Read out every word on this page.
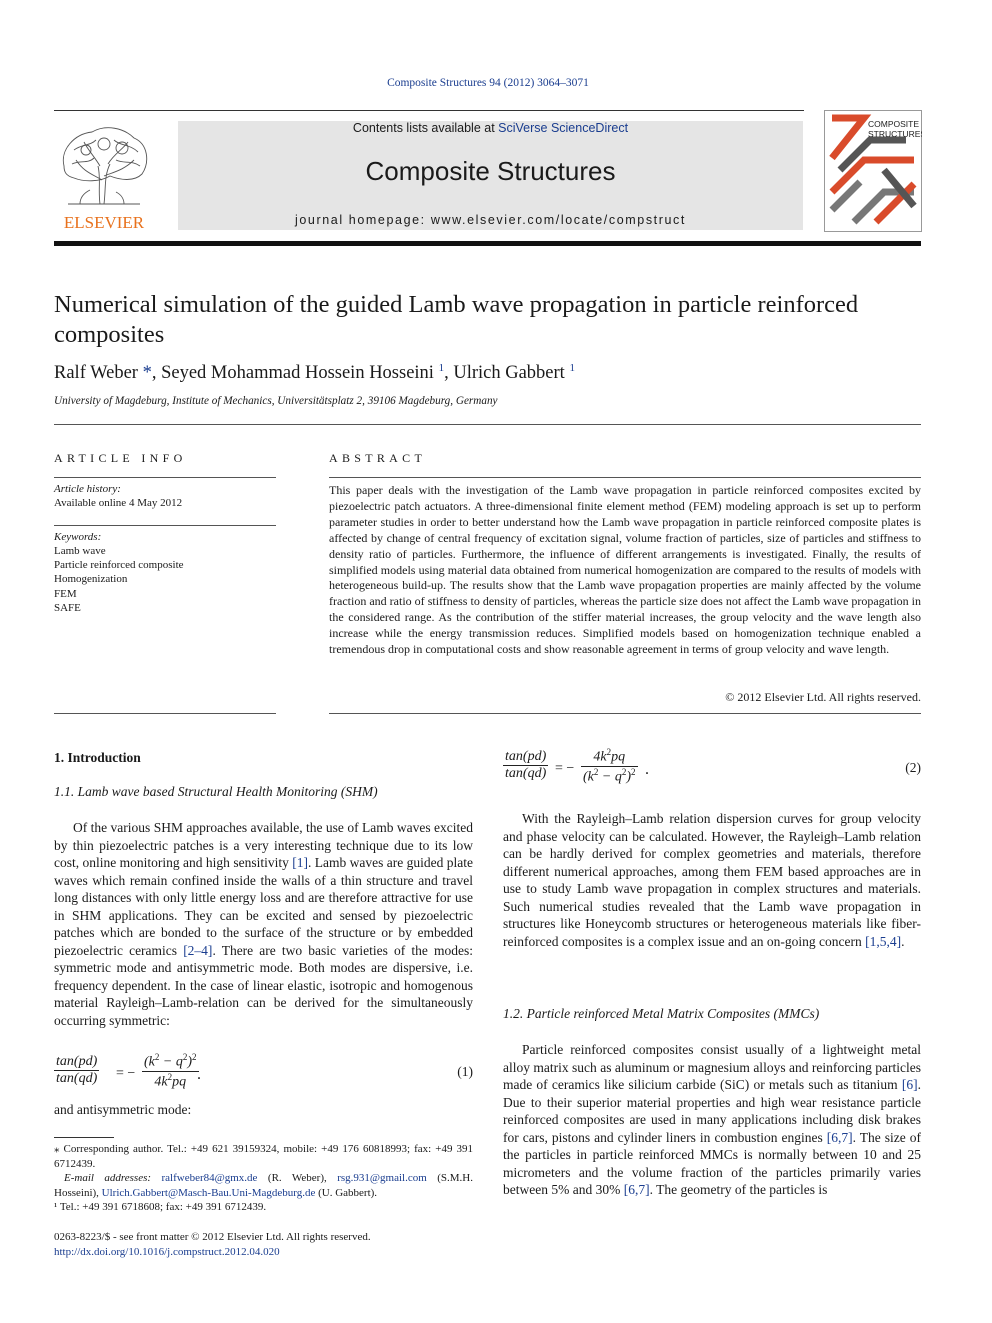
Composite Structures 94 (2012) 3064–3071
ELSEVIER
Contents lists available at SciVerse ScienceDirect
Composite Structures
journal homepage: www.elsevier.com/locate/compstruct
COMPOSITE
STRUCTURES
Numerical simulation of the guided Lamb wave propagation in particle reinforced composites
Ralf Weber *, Seyed Mohammad Hossein Hosseini $^1$, Ulrich Gabbert $^1$
University of Magdeburg, Institute of Mechanics, Universitätsplatz 2, 39106 Magdeburg, Germany
ARTICLE INFO
Article history:
Available online 4 May 2012
Keywords:
Lamb wave
Particle reinforced composite
Homogenization
FEM
SAFE
ABSTRACT
This paper deals with the investigation of the Lamb wave propagation in particle reinforced composites excited by piezoelectric patch actuators. A three-dimensional finite element method (FEM) modeling approach is set up to perform parameter studies in order to better understand how the Lamb wave propagation in particle reinforced composite plates is affected by change of central frequency of excitation signal, volume fraction of particles, size of particles and stiffness to density ratio of particles. Furthermore, the influence of different arrangements is investigated. Finally, the results of simplified models using material data obtained from numerical homogenization are compared to the results of models with heterogeneous build-up. The results show that the Lamb wave propagation properties are mainly affected by the volume fraction and ratio of stiffness to density of particles, whereas the particle size does not affect the Lamb wave propagation in the considered range. As the contribution of the stiffer material increases, the group velocity and the wave length also increase while the energy transmission reduces. Simplified models based on homogenization technique enabled a tremendous drop in computational costs and show reasonable agreement in terms of group velocity and wave length.
© 2012 Elsevier Ltd. All rights reserved.
1. Introduction
1.1. Lamb wave based Structural Health Monitoring (SHM)

Of the various SHM approaches available, the use of Lamb waves excited by thin piezoelectric patches is a very interesting technique due to its low cost, online monitoring and high sensitivity [1]. Lamb waves are guided plate waves which remain confined inside the walls of a thin structure and travel long distances with only little energy loss and are therefore attractive for use in SHM applications. They can be excited and sensed by piezoelectric patches which are bonded to the surface of the structure or by embedded piezoelectric ceramics [2–4]. There are two basic varieties of the modes: symmetric mode and antisymmetric mode. Both modes are dispersive, i.e. frequency dependent. In the case of linear elastic, isotropic and homogenous material Rayleigh–Lamb-relation can be derived for the simultaneously occurring symmetric:

$\frac{\tan(pd)}{\tan(qd)}$ = − $\frac{(k^2 - q^2)^2}{4k^2pq}$
.	(1)
and antisymmetric mode:
$\frac{\tan(pd)}{\tan(qd)}$ = − $\frac{4k^2pq}{(k^2 - q^2)^2}$ .	(2)

With the Rayleigh–Lamb relation dispersion curves for group velocity and phase velocity can be calculated. However, the Rayleigh–Lamb relation can be hardly derived for complex geometries and materials, therefore different numerical approaches, among them FEM based approaches are in use to study Lamb wave propagation in complex structures and materials. Such numerical studies revealed that the Lamb wave propagation in structures like Honeycomb structures or heterogeneous materials like fiber-reinforced composites is a complex issue and an on-going concern [1,5,4].

1.2. Particle reinforced Metal Matrix Composites (MMCs)

Particle reinforced composites consist usually of a lightweight metal alloy matrix such as aluminum or magnesium alloys and reinforcing particles made of ceramics like silicium carbide (SiC) or metals such as titanium [6]. Due to their superior material properties and high wear resistance particle reinforced composites are used in many applications including disk brakes for cars, pistons and cylinder liners in combustion engines [6,7]. The size of the particles in particle reinforced MMCs is normally between 10 and 25 micrometers and the volume fraction of the particles primarily varies between 5% and 30% [6,7]. The geometry of the particles is

⁎ Corresponding author. Tel.: +49 621 39159324, mobile: +49 176 60818993; fax: +49 391 6712439.
E-mail addresses: ralfweber84@gmx.de (R. Weber), rsg.931@gmail.com (S.M.H. Hosseini), Ulrich.Gabbert@Masch-Bau.Uni-Magdeburg.de (U. Gabbert).
¹ Tel.: +49 391 6718608; fax: +49 391 6712439.
0263-8223/$ - see front matter © 2012 Elsevier Ltd. All rights reserved.
http://dx.doi.org/10.1016/j.compstruct.2012.04.020
